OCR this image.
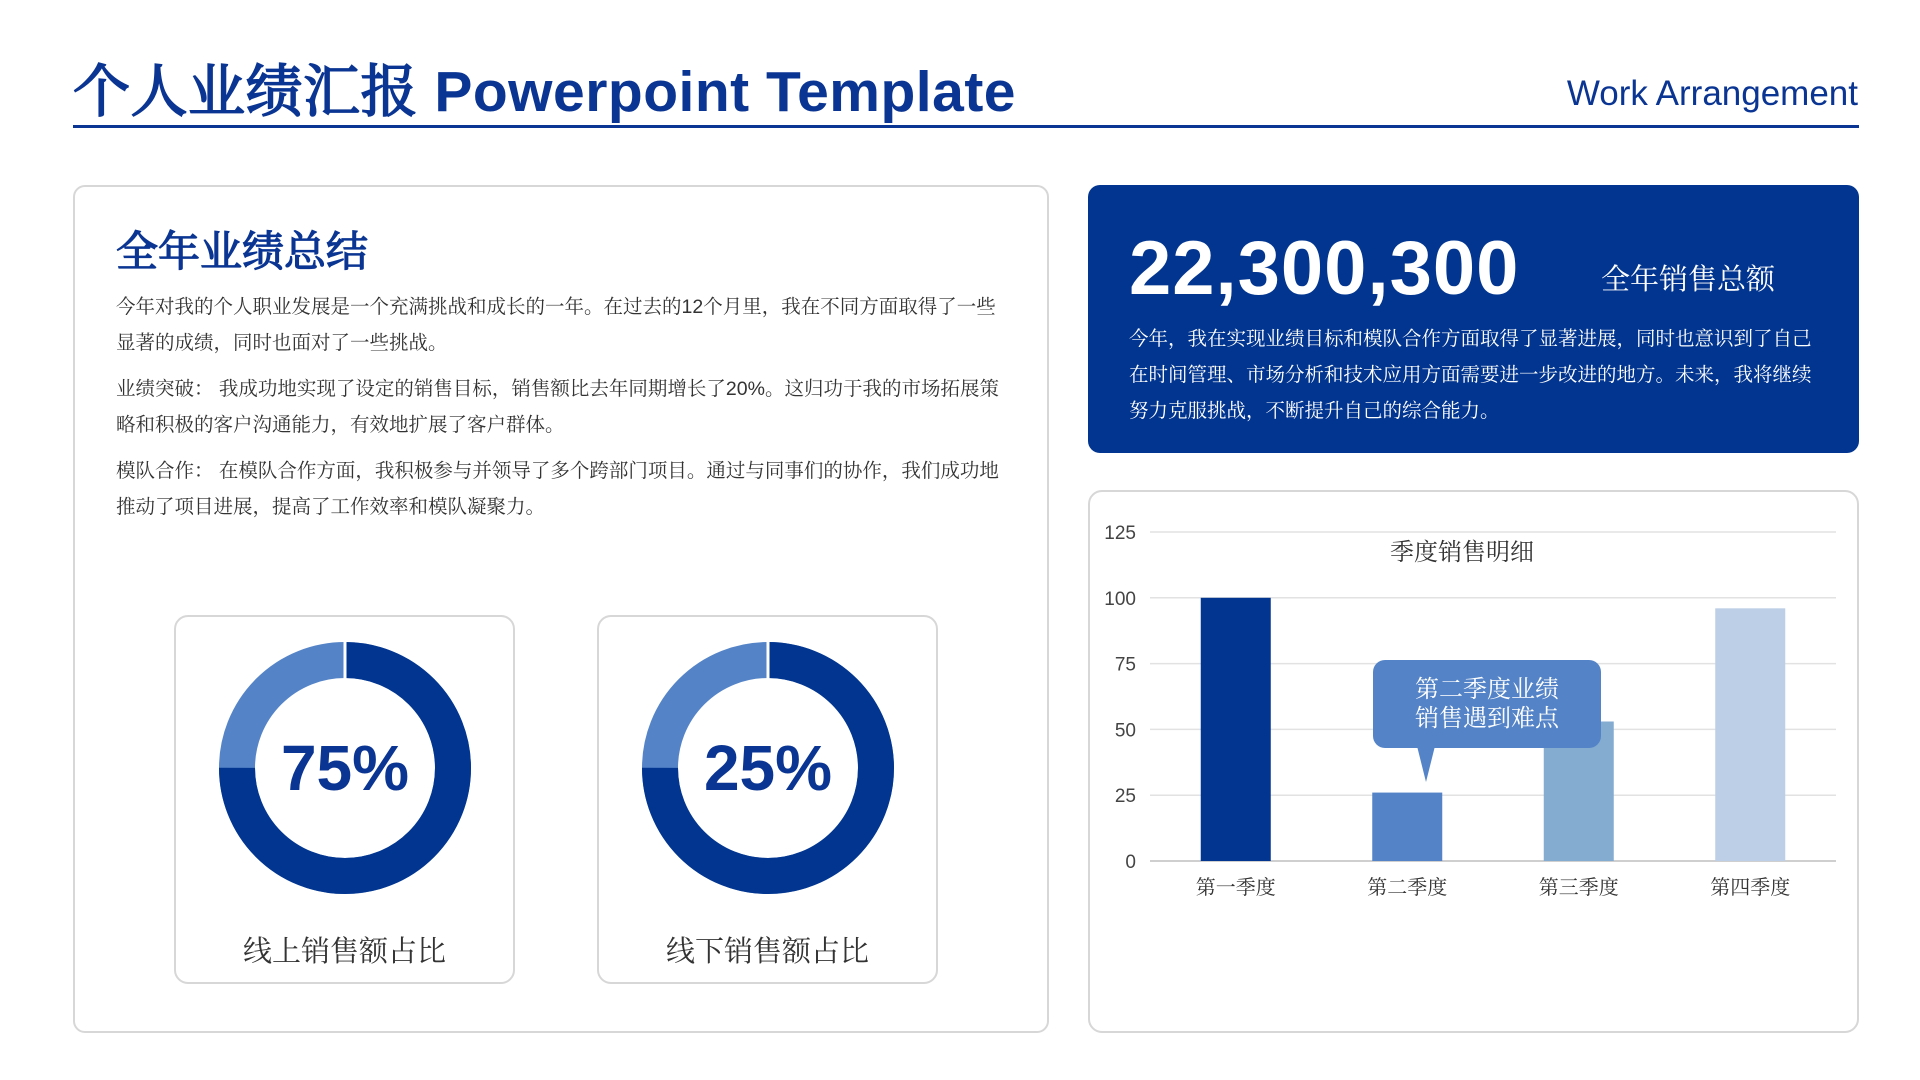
个人业绩汇报 Powerpoint Template	Work Arrangement
全年业绩总结

今年对我的个人职业发展是一个充满挑战和成长的一年。在过去的12个月里，我在不同方面取得了一些显著的成绩，同时也面对了一些挑战。

业绩突破： 我成功地实现了设定的销售目标，销售额比去年同期增长了20%。这归功于我的市场拓展策略和积极的客户沟通能力，有效地扩展了客户群体。

模队合作： 在模队合作方面，我积极参与并领导了多个跨部门项目。通过与同事们的协作，我们成功地推动了项目进展，提高了工作效率和模队凝聚力。

75%
线上销售额占比
25%
线下销售额占比
22,300,300	全年销售总额
今年，我在实现业绩目标和模队合作方面取得了显著进展，同时也意识到了自己在时间管理、市场分析和技术应用方面需要进一步改进的地方。未来，我将继续努力克服挑战，不断提升自己的综合能力。
0
25
50
75
100
125
第一季度	第二季度	第三季度	第四季度
季度销售明细
第二季度业绩
销售遇到难点
